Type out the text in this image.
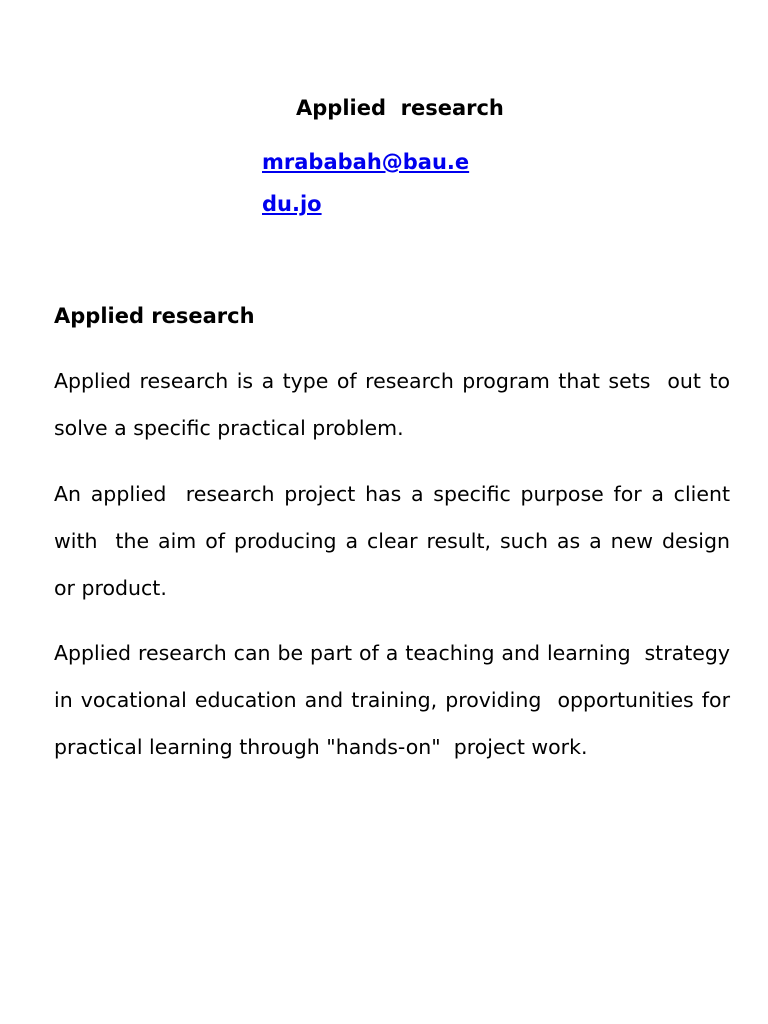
Applied  research
mrababah@bau.edu.jo
Applied research

Applied research is a type of research program that sets  out to solve a specific practical problem.

An applied  research project has a specific purpose for a client with  the aim of producing a clear result, such as a new design  or product.

Applied research can be part of a teaching and learning  strategy in vocational education and training, providing  opportunities for practical learning through "hands-on"  project work.
